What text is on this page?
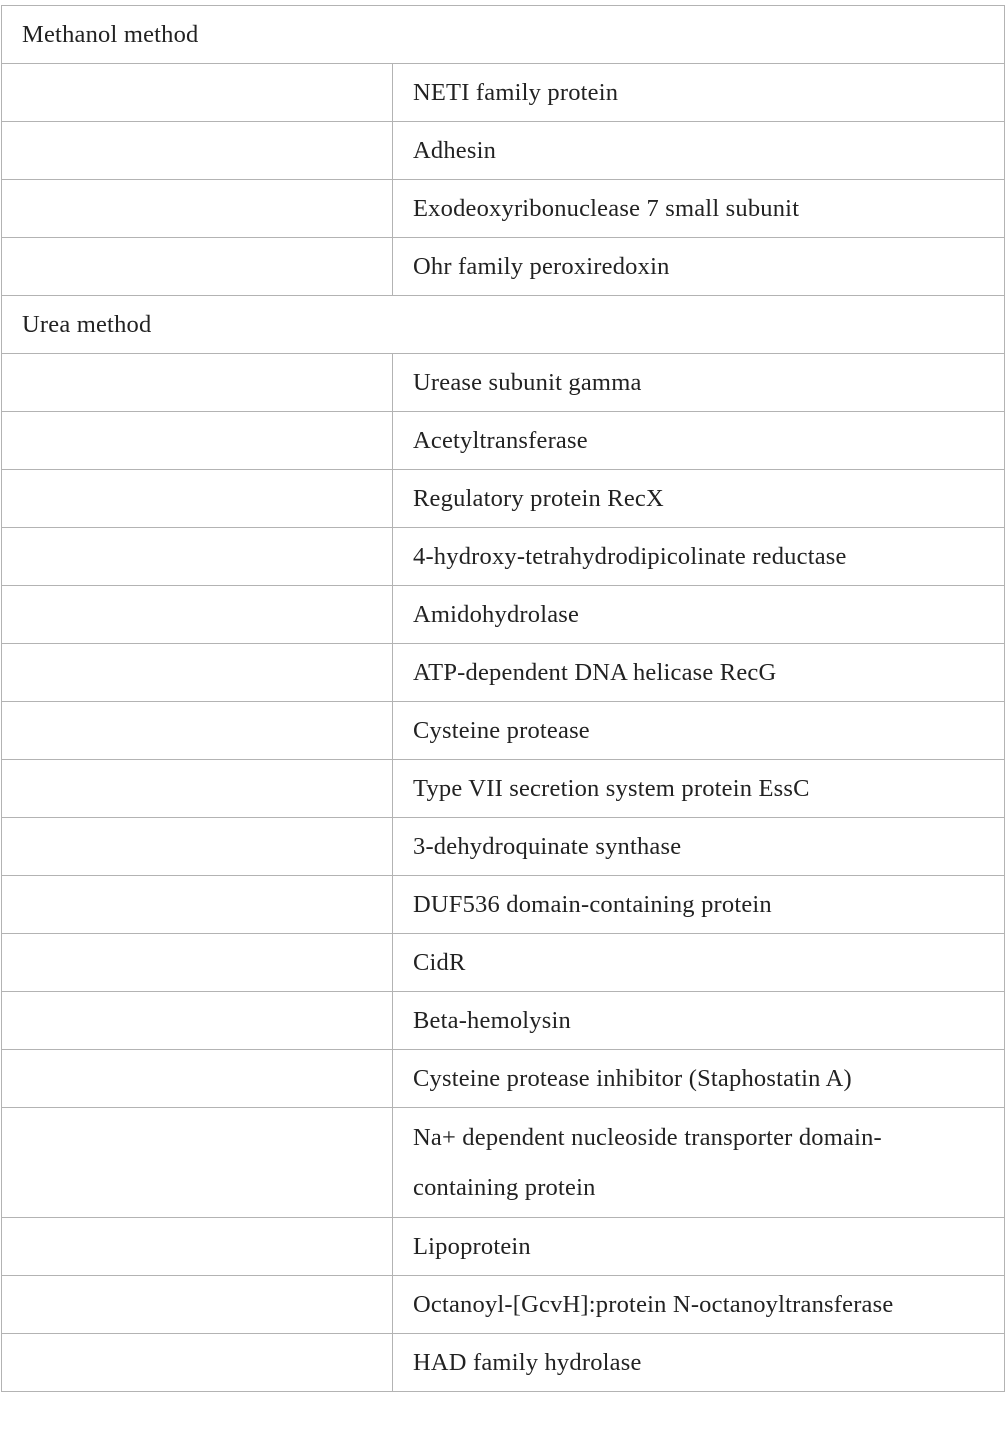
Methanol method	
	NETI family protein
	Adhesin
	Exodeoxyribonuclease 7 small subunit
	Ohr family peroxiredoxin
Urea method	
	Urease subunit gamma
	Acetyltransferase
	Regulatory protein RecX
	4-hydroxy-tetrahydrodipicolinate reductase
	Amidohydrolase
	ATP-dependent DNA helicase RecG
	Cysteine protease
	Type VII secretion system protein EssC
	3-dehydroquinate synthase
	DUF536 domain-containing protein
	CidR
	Beta-hemolysin
	Cysteine protease inhibitor (Staphostatin A)
	Na+ dependent nucleoside transporter domain-containing protein
	Lipoprotein
	Octanoyl-[GcvH]:protein N-octanoyltransferase
	HAD family hydrolase
